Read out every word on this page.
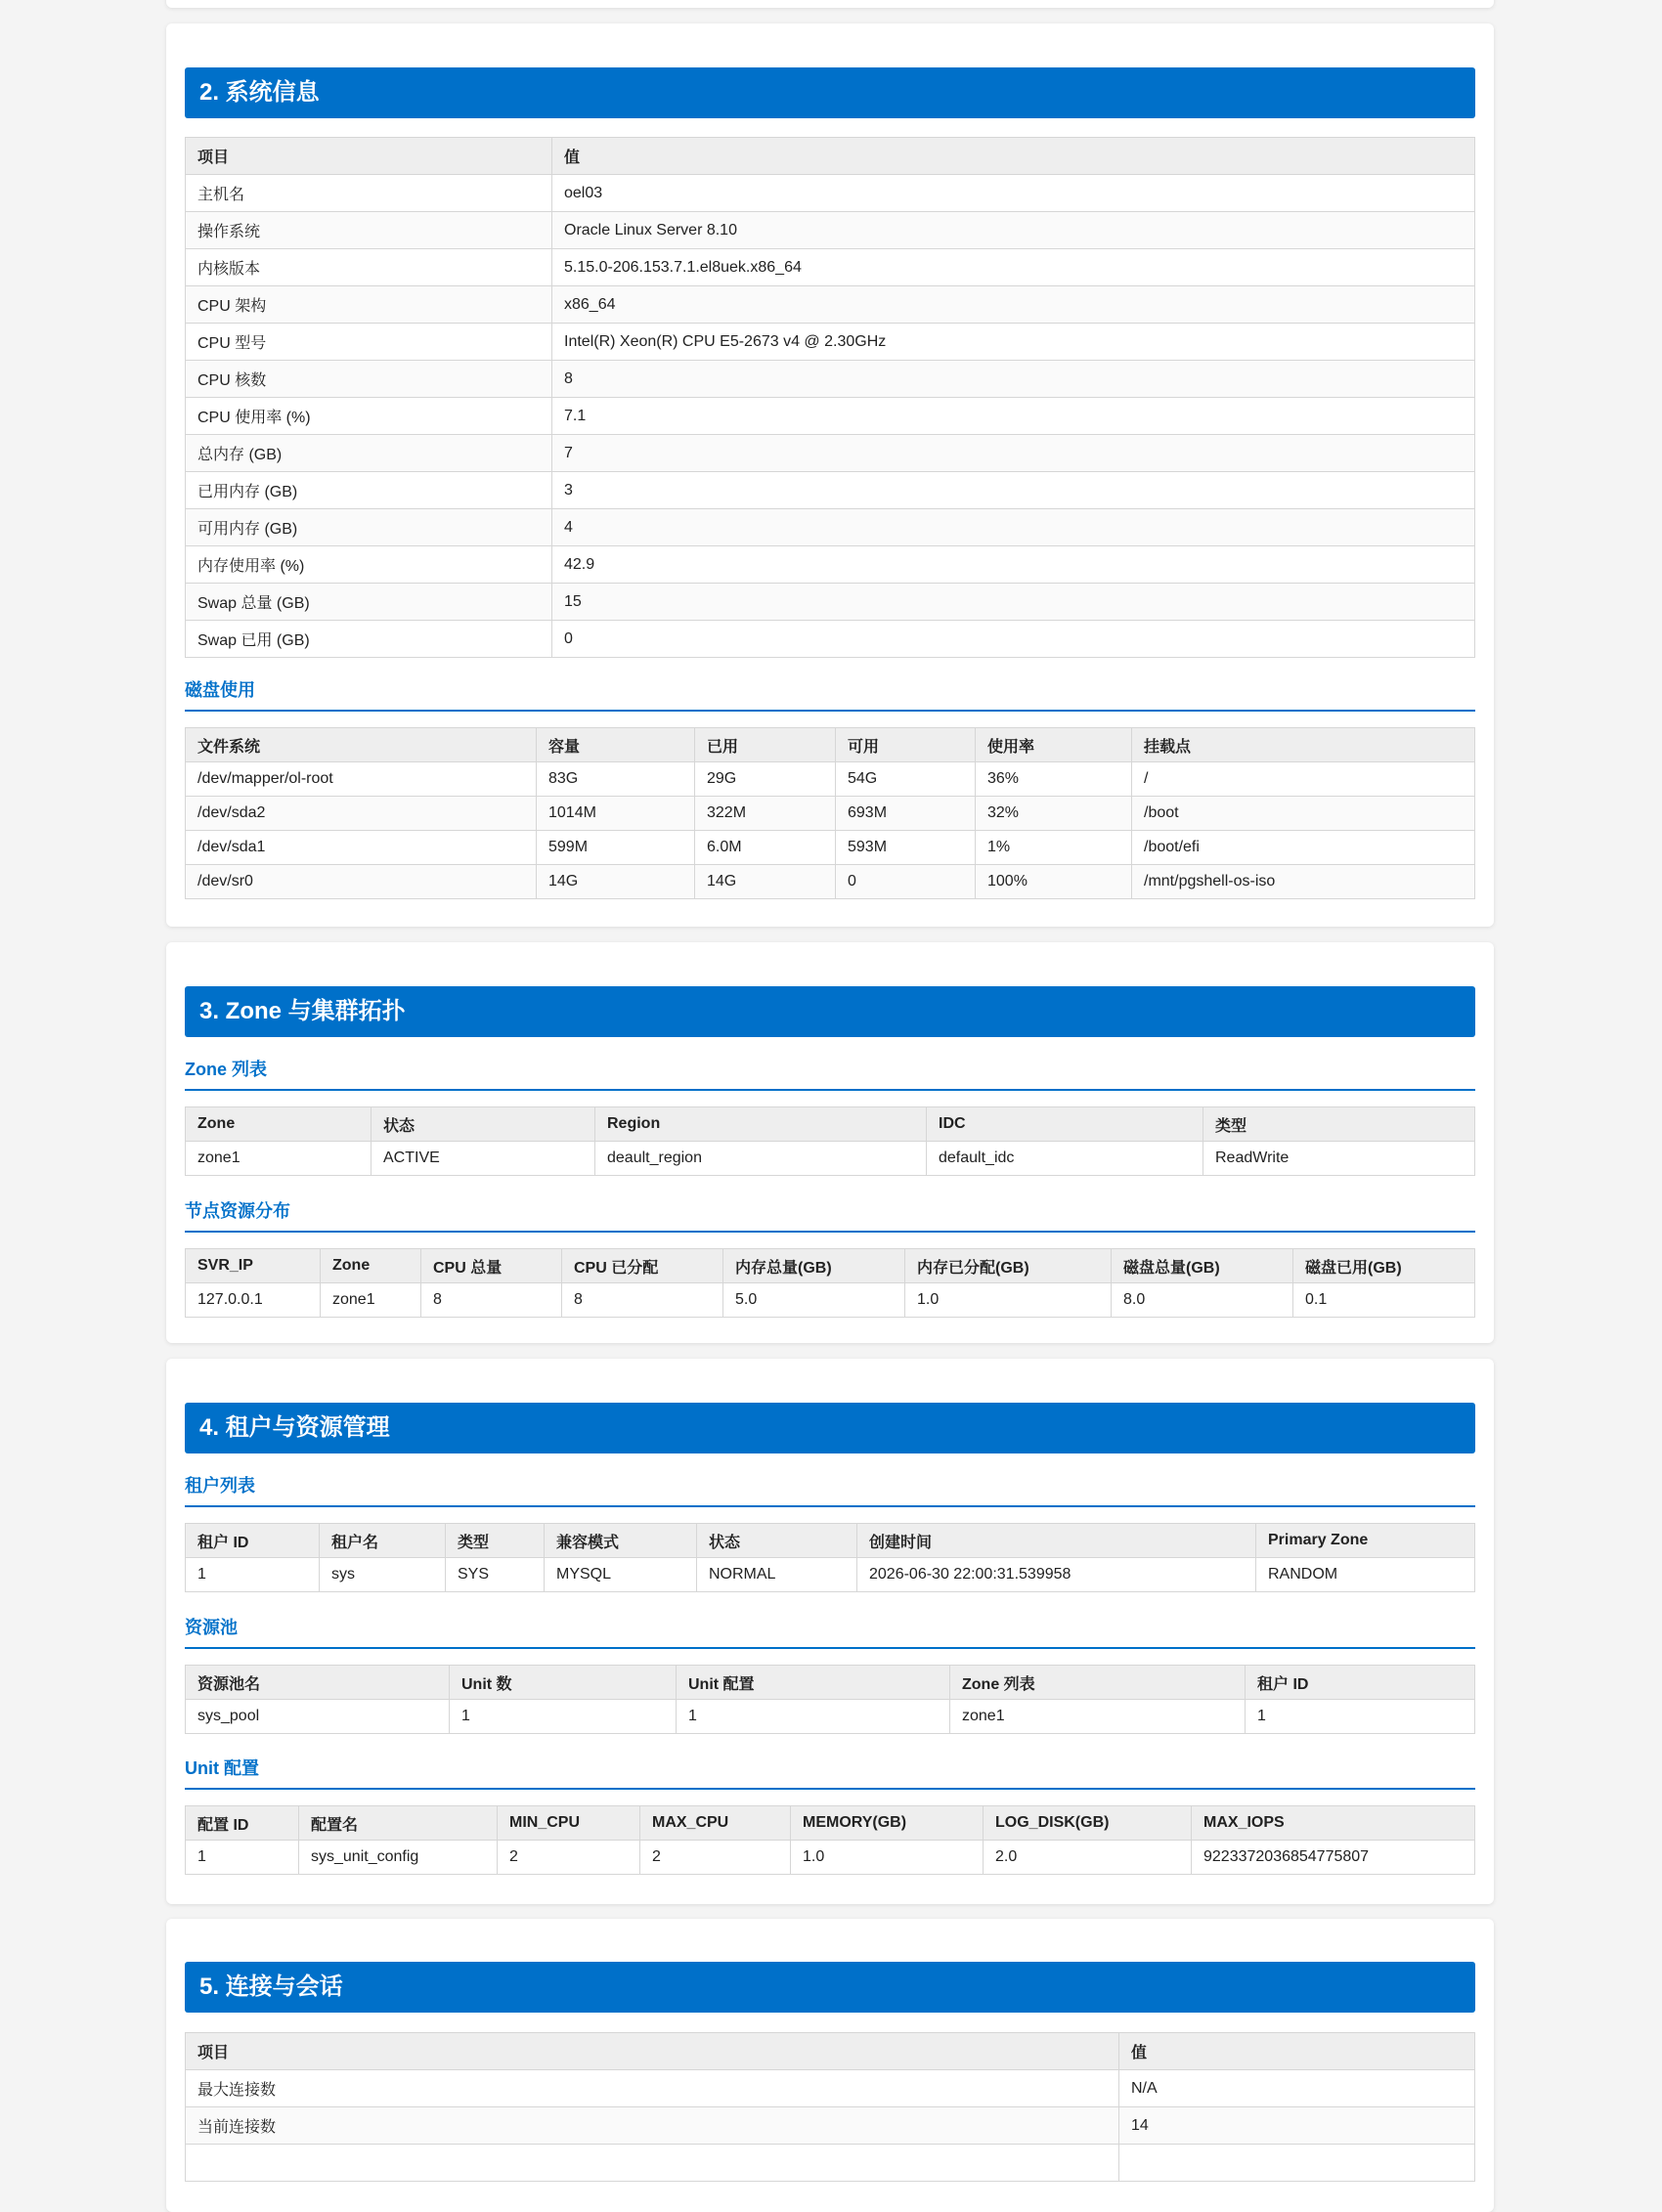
2. 系统信息
项目	值
主机名	oel03
操作系统	Oracle Linux Server 8.10
内核版本	5.15.0-206.153.7.1.el8uek.x86_64
CPU 架构	x86_64
CPU 型号	Intel(R) Xeon(R) CPU E5-2673 v4 @ 2.30GHz
CPU 核数	8
CPU 使用率 (%)	7.1
总内存 (GB)	7
已用内存 (GB)	3
可用内存 (GB)	4
内存使用率 (%)	42.9
Swap 总量 (GB)	15
Swap 已用 (GB)	0
磁盘使用
文件系统	容量	已用	可用	使用率	挂载点
/dev/mapper/ol-root	83G	29G	54G	36%	/
/dev/sda2	1014M	322M	693M	32%	/boot
/dev/sda1	599M	6.0M	593M	1%	/boot/efi
/dev/sr0	14G	14G	0	100%	/mnt/pgshell-os-iso
3. Zone 与集群拓扑
Zone 列表
Zone	状态	Region	IDC	类型
zone1	ACTIVE	deault_region	default_idc	ReadWrite
节点资源分布
SVR_IP	Zone	CPU 总量	CPU 已分配	内存总量(GB)	内存已分配(GB)	磁盘总量(GB)	磁盘已用(GB)
127.0.0.1	zone1	8	8	5.0	1.0	8.0	0.1
4. 租户与资源管理
租户列表
租户 ID	租户名	类型	兼容模式	状态	创建时间	Primary Zone
1	sys	SYS	MYSQL	NORMAL	2026-06-30 22:00:31.539958	RANDOM
资源池
资源池名	Unit 数	Unit 配置	Zone 列表	租户 ID
sys_pool	1	1	zone1	1
Unit 配置
配置 ID	配置名	MIN_CPU	MAX_CPU	MEMORY(GB)	LOG_DISK(GB)	MAX_IOPS
1	sys_unit_config	2	2	1.0	2.0	9223372036854775807
5. 连接与会话
项目	值
最大连接数	N/A
当前连接数	14
